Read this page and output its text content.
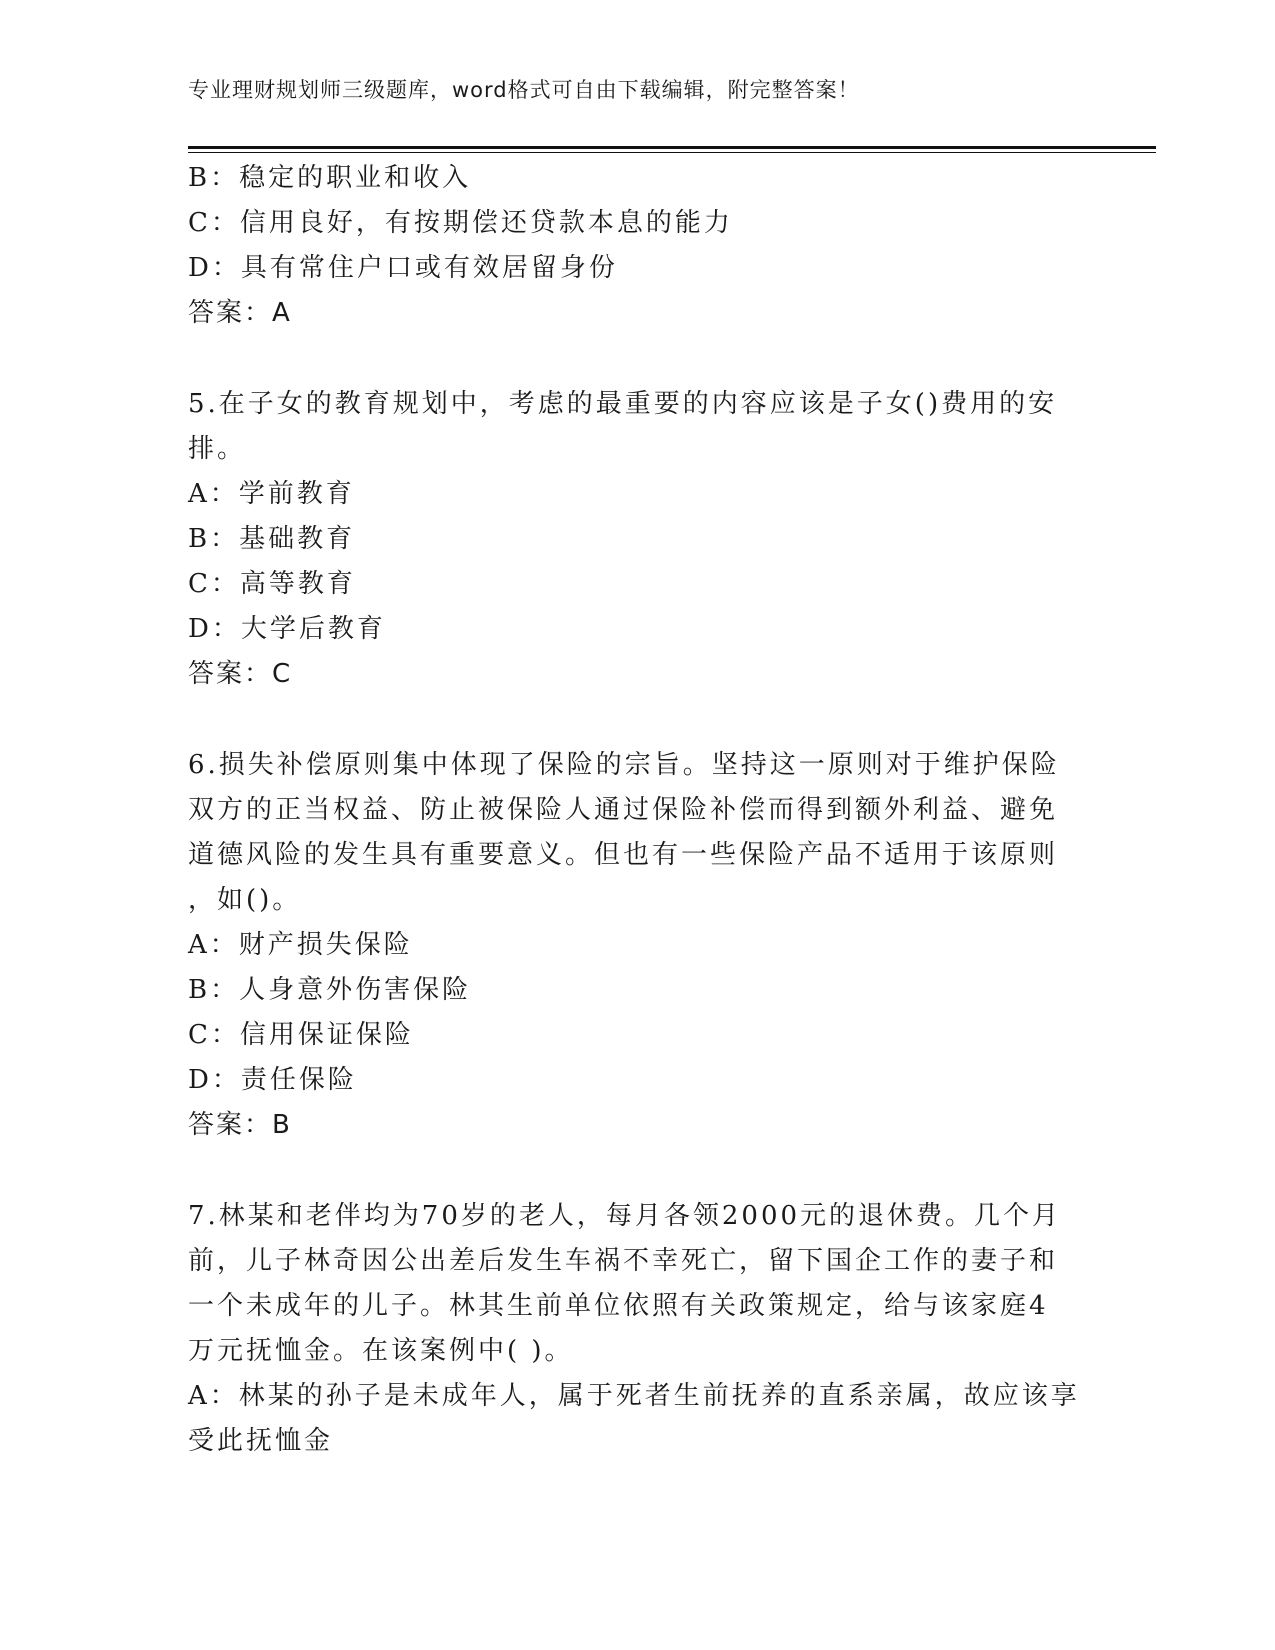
专业理财规划师三级题库，word格式可自由下载编辑，附完整答案！
B：稳定的职业和收入
C：信用良好，有按期偿还贷款本息的能力
D：具有常住户口或有效居留身份
答案：A
5.在子女的教育规划中，考虑的最重要的内容应该是子女()费用的安
排。
A：学前教育
B：基础教育
C：高等教育
D：大学后教育
答案：C
6.损失补偿原则集中体现了保险的宗旨。坚持这一原则对于维护保险
双方的正当权益、防止被保险人通过保险补偿而得到额外利益、避免
道德风险的发生具有重要意义。但也有一些保险产品不适用于该原则
，如()。
A：财产损失保险
B：人身意外伤害保险
C：信用保证保险
D：责任保险
答案：B
7.林某和老伴均为70岁的老人，每月各领2000元的退休费。几个月
前，儿子林奇因公出差后发生车祸不幸死亡，留下国企工作的妻子和
一个未成年的儿子。林其生前单位依照有关政策规定，给与该家庭4
万元抚恤金。在该案例中( )。
A：林某的孙子是未成年人，属于死者生前抚养的直系亲属，故应该享
受此抚恤金
